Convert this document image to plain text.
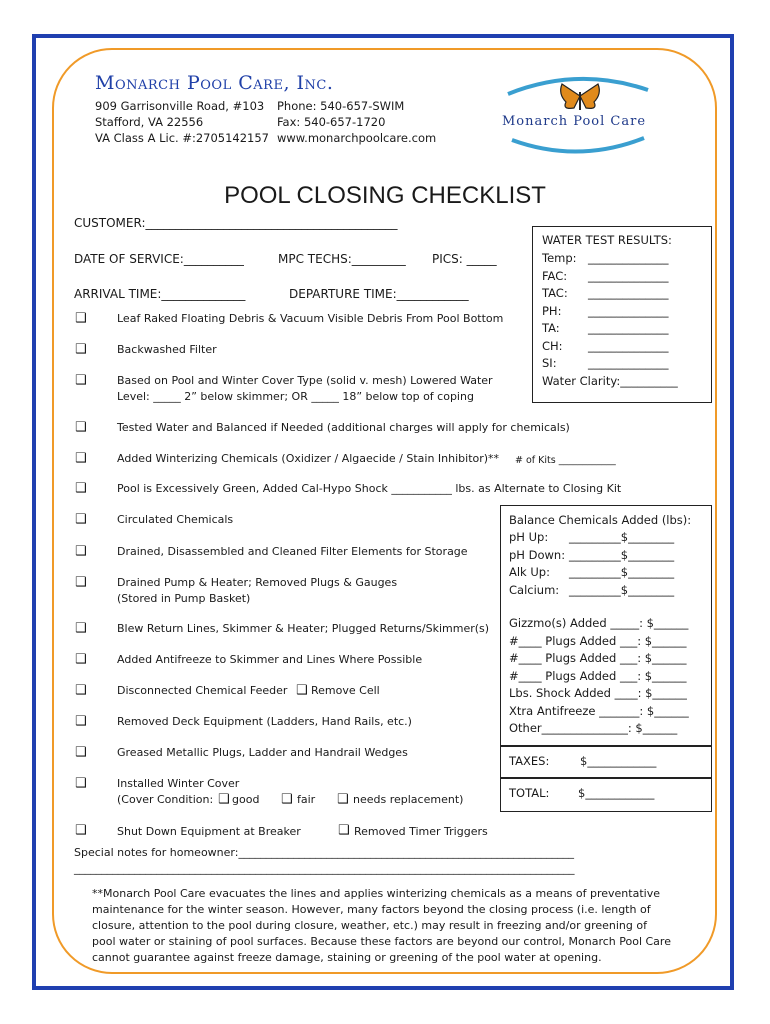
Monarch Pool Care, Inc.
909 Garrisonville Road, #103
Stafford, VA 22556
VA Class A Lic. #:2705142157
Phone: 540-657-SWIM
Fax: 540-657-1720
www.monarchpoolcare.com
Monarch Pool Care
POOL CLOSING CHECKLIST
CUSTOMER:__________________________________________
DATE OF SERVICE:__________	MPC TECHS:_________ PICS: _____
ARRIVAL TIME:______________	DEPARTURE TIME:____________
WATER TEST RESULTS:
Temp: ______________
FAC: ______________
TAC: ______________
PH: ______________
TA: ______________
CH: ______________
SI:	______________
Water Clarity:__________
❑	Leaf Raked Floating Debris & Vacuum Visible Debris From Pool Bottom
❑	Backwashed Filter
❑	Based on Pool and Winter Cover Type (solid v. mesh) Lowered Water
Level: _____ 2” below skimmer; OR _____ 18” below top of coping
❑	Tested Water and Balanced if Needed (additional charges will apply for chemicals)
❑	Added Winterizing Chemicals (Oxidizer / Algaecide / Stain Inhibitor)** # of Kits ____________
❑	Pool is Excessively Green, Added Cal-Hypo Shock ___________ lbs. as Alternate to Closing Kit
❑	Circulated Chemicals
❑	Drained, Disassembled and Cleaned Filter Elements for Storage
❑	Drained Pump & Heater; Removed Plugs & Gauges
(Stored in Pump Basket)
❑	Blew Return Lines, Skimmer & Heater; Plugged Returns/Skimmer(s)
❑	Added Antifreeze to Skimmer and Lines Where Possible
❑	Disconnected Chemical Feeder ❑ Remove Cell
❑	Removed Deck Equipment (Ladders, Hand Rails, etc.)
❑	Greased Metallic Plugs, Ladder and Handrail Wedges
❑	Installed Winter Cover
(Cover Condition: ❑ good ❑ fair ❑ needs replacement)
❑	Shut Down Equipment at Breaker	❑ Removed Timer Triggers
Balance Chemicals Added (lbs):
pH Up: _________$________
pH Down: _________$________
Alk Up: _________$________
Calcium: _________$________
Gizzmo(s) Added _____: $______
#____ Plugs Added ___: $______
#____ Plugs Added ___: $______
#____ Plugs Added ___: $______
Lbs. Shock Added ____: $______
Xtra Antifreeze _______: $______
Other_______________: $______
TAXES:	$____________
TOTAL: $____________
Special notes for homeowner:_____________________________________________________________
___________________________________________________________________________________________
**Monarch Pool Care evacuates the lines and applies winterizing chemicals as a means of preventative maintenance for the winter season. However, many factors beyond the closing process (i.e. length of closure, attention to the pool during closure, weather, etc.) may result in freezing and/or greening of pool water or staining of pool surfaces. Because these factors are beyond our control, Monarch Pool Care cannot guarantee against freeze damage, staining or greening of the pool water at opening.
